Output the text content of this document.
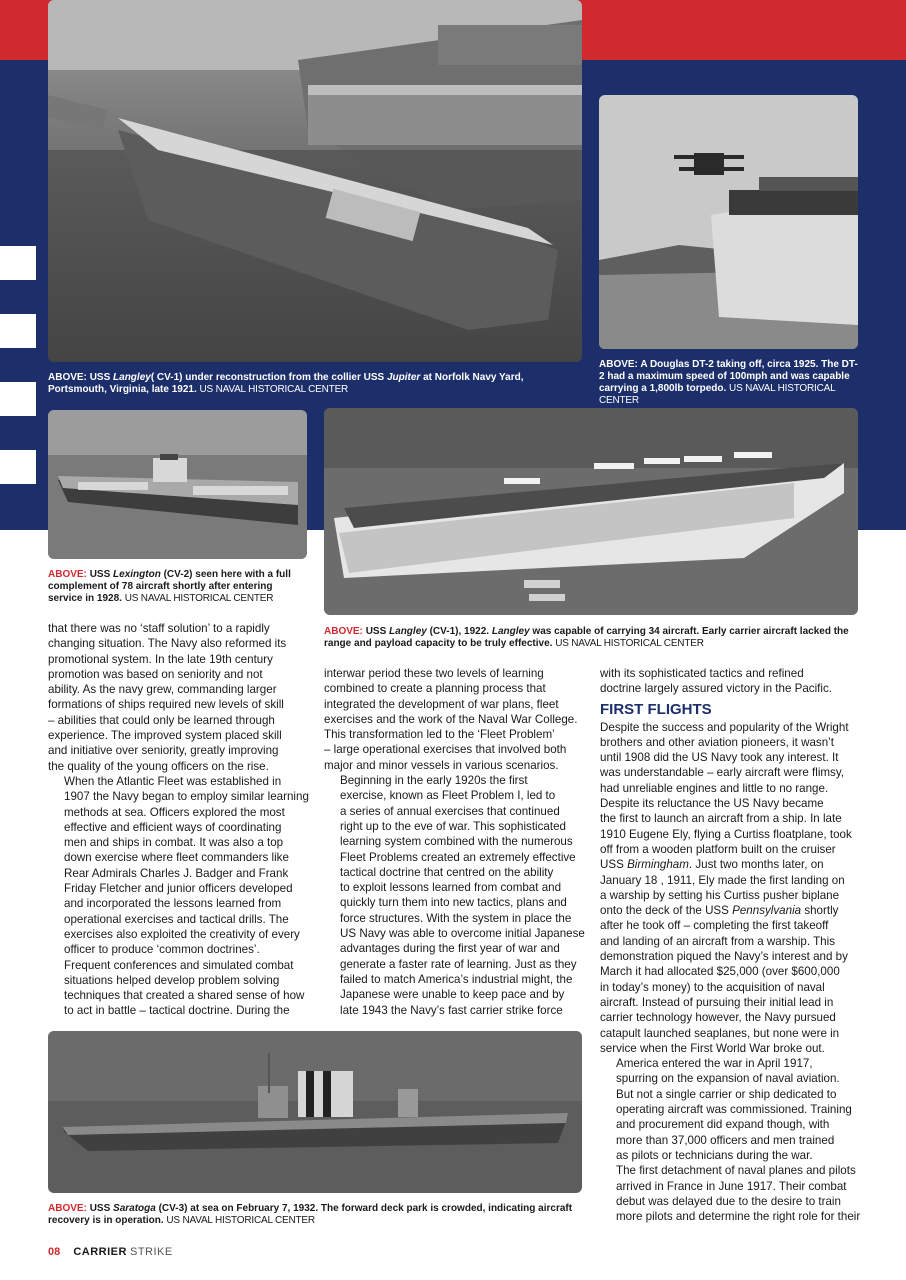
ABOVE: USS Langley( CV-1) under reconstruction from the collier USS Jupiter at Norfolk Navy Yard, Portsmouth, Virginia, late 1921. US NAVAL HISTORICAL CENTER
ABOVE: A Douglas DT-2 taking off, circa 1925. The DT-2 had a maximum speed of 100mph and was capable carrying a 1,800lb torpedo. US NAVAL HISTORICAL CENTER
ABOVE: USS Lexington (CV-2) seen here with a full complement of 78 aircraft shortly after entering service in 1928. US NAVAL HISTORICAL CENTER
ABOVE: USS Langley (CV-1), 1922. Langley was capable of carrying 34 aircraft. Early carrier aircraft lacked the range and payload capacity to be truly effective. US NAVAL HISTORICAL CENTER
ABOVE: USS Saratoga (CV-3) at sea on February 7, 1932. The forward deck park is crowded, indicating aircraft recovery is in operation. US NAVAL HISTORICAL CENTER

that there was no ‘staff solution’ to a rapidly
changing situation. The Navy also reformed its
promotional system. In the late 19th century
promotion was based on seniority and not
ability. As the navy grew, commanding larger
formations of ships required new levels of skill
– abilities that could only be learned through
experience. The improved system placed skill
and initiative over seniority, greatly improving
the quality of the young officers on the rise.

When the Atlantic Fleet was established in
1907 the Navy began to employ similar learning
methods at sea. Officers explored the most
effective and efficient ways of coordinating
men and ships in combat. It was also a top
down exercise where fleet commanders like
Rear Admirals Charles J. Badger and Frank
Friday Fletcher and junior officers developed
and incorporated the lessons learned from
operational exercises and tactical drills. The
exercises also exploited the creativity of every
officer to produce ‘common doctrines’.

Frequent conferences and simulated combat
situations helped develop problem solving
techniques that created a shared sense of how
to act in battle – tactical doctrine. During the

interwar period these two levels of learning
combined to create a planning process that
integrated the development of war plans, fleet
exercises and the work of the Naval War College.
This transformation led to the ‘Fleet Problem’
– large operational exercises that involved both
major and minor vessels in various scenarios.

Beginning in the early 1920s the first
exercise, known as Fleet Problem I, led to
a series of annual exercises that continued
right up to the eve of war. This sophisticated
learning system combined with the numerous
Fleet Problems created an extremely effective
tactical doctrine that centred on the ability
to exploit lessons learned from combat and
quickly turn them into new tactics, plans and
force structures. With the system in place the
US Navy was able to overcome initial Japanese
advantages during the first year of war and
generate a faster rate of learning. Just as they
failed to match America’s industrial might, the
Japanese were unable to keep pace and by
late 1943 the Navy’s fast carrier strike force

with its sophisticated tactics and refined
doctrine largely assured victory in the Pacific.

FIRST FLIGHTS

Despite the success and popularity of the Wright
brothers and other aviation pioneers, it wasn’t
until 1908 did the US Navy took any interest. It
was understandable – early aircraft were flimsy,
had unreliable engines and little to no range.
Despite its reluctance the US Navy became
the first to launch an aircraft from a ship. In late
1910 Eugene Ely, flying a Curtiss floatplane, took
off from a wooden platform built on the cruiser
USS Birmingham. Just two months later, on
January 18 , 1911, Ely made the first landing on
a warship by setting his Curtiss pusher biplane
onto the deck of the USS Pennsylvania shortly
after he took off – completing the first takeoff
and landing of an aircraft from a warship. This
demonstration piqued the Navy’s interest and by
March it had allocated $25,000 (over $600,000
in today’s money) to the acquisition of naval
aircraft. Instead of pursuing their initial lead in
carrier technology however, the Navy pursued
catapult launched seaplanes, but none were in
service when the First World War broke out.

America entered the war in April 1917,
spurring on the expansion of naval aviation.
But not a single carrier or ship dedicated to
operating aircraft was commissioned. Training
and procurement did expand though, with
more than 37,000 officers and men trained
as pilots or technicians during the war.

The first detachment of naval planes and pilots
arrived in France in June 1917. Their combat
debut was delayed due to the desire to train
more pilots and determine the right role for their

08 CARRIER STRIKE
